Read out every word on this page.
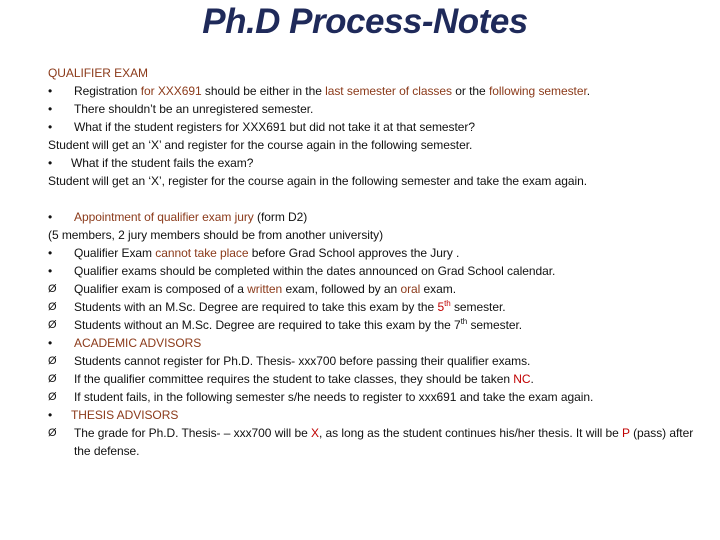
Ph.D Process-Notes
QUALIFIER EXAM
•	Registration for XXX691 should be either in the last semester of classes or the following semester.
•	There shouldn’t be an unregistered semester.
•	What if the student registers for XXX691 but did not take it at that semester?
Student will get an ‘X’ and register for the course again in the following semester.
•	What if the student fails the exam?
Student will get an ‘X’, register for the course again in the following semester and take the exam again.
•	Appointment of qualifier exam jury (form D2)
(5 members, 2 jury members should be from another university)
•	Qualifier Exam cannot take place before Grad School approves the Jury .
•	Qualifier exams should be completed within the dates announced on Grad School calendar.
Ø	Qualifier exam is composed of a written exam, followed by an oral exam.
Ø	Students with an M.Sc. Degree are required to take this exam by the 5th semester.
Ø	Students without an M.Sc. Degree are required to take this exam by the 7th semester.
•	ACADEMIC ADVISORS
Ø	Students cannot register for Ph.D. Thesis- xxx700 before passing their qualifier exams.
Ø	If the qualifier committee requires the student to take classes, they should be taken NC.
Ø	If student fails, in the following semester s/he needs to register to xxx691 and take the exam again.
•	THESIS ADVISORS
Ø	The grade for Ph.D. Thesis- – xxx700 will be X, as long as the student continues his/her thesis. It will be P (pass) after the defense.
